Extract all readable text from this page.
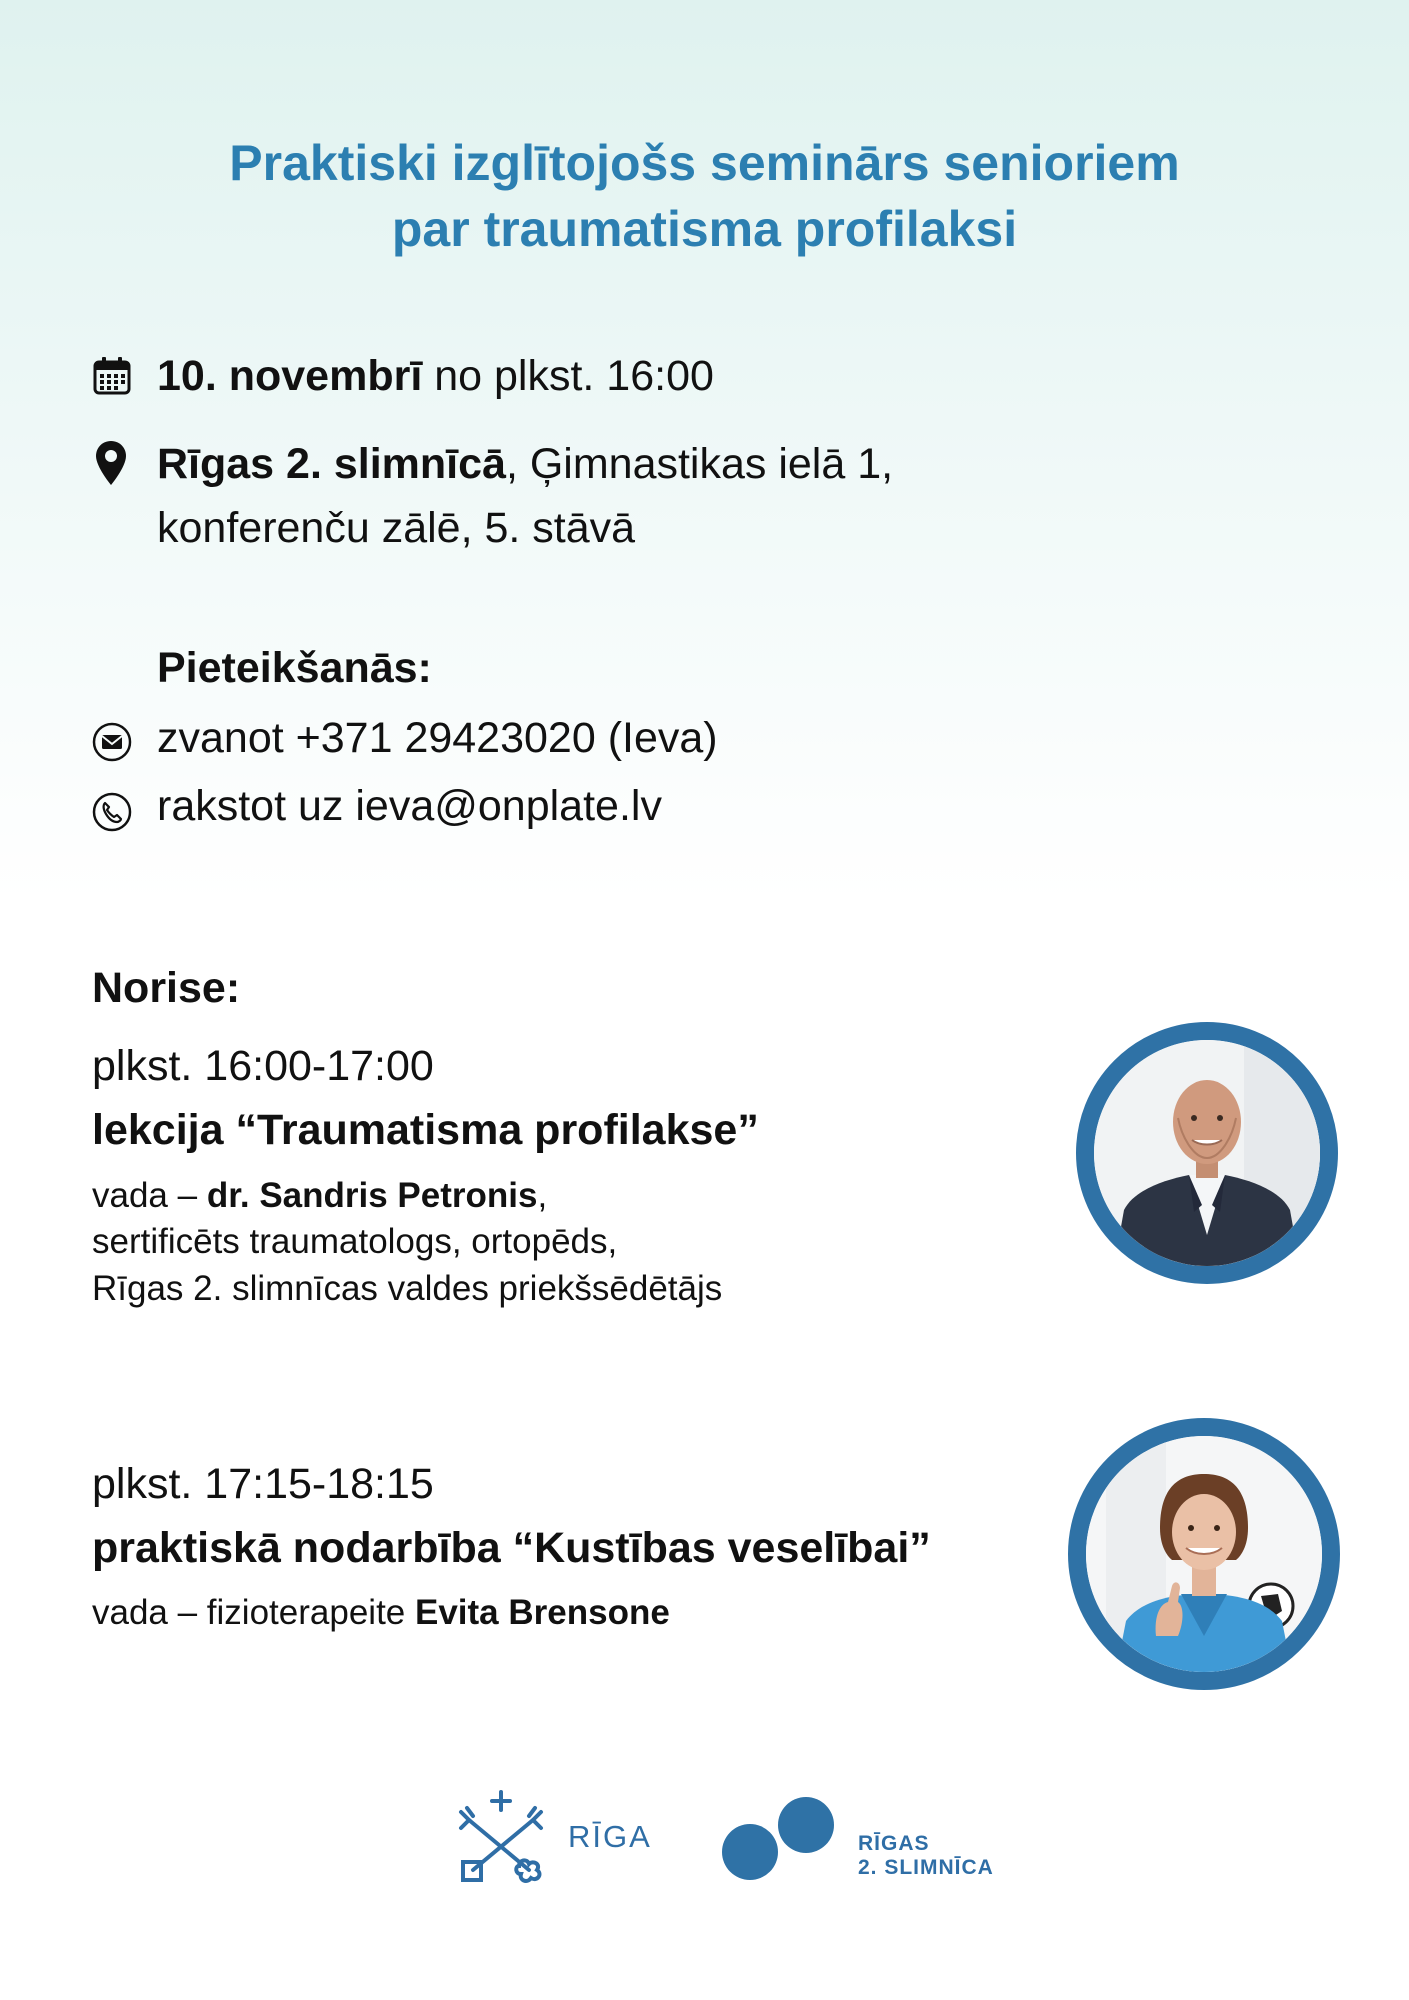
Praktiski izglītojošs seminārs senioriem
par traumatisma profilaksi
10. novembrī no plkst. 16:00
Rīgas 2. slimnīcā, Ģimnastikas ielā 1,
konferenču zālē, 5. stāvā
Pieteikšanās:
zvanot +371 29423020 (Ieva)
rakstot uz ieva@onplate.lv
Norise:
plkst. 16:00-17:00
lekcija “Traumatisma profilakse”
vada – dr. Sandris Petronis,
sertificēts traumatologs, ortopēds,
Rīgas 2. slimnīcas valdes priekšsēdētājs
plkst. 17:15-18:15
praktiskā nodarbība “Kustības veselībai”
vada – fizioterapeite Evita Brensone
RĪGA	RĪGAS
2. SLIMNĪCA
